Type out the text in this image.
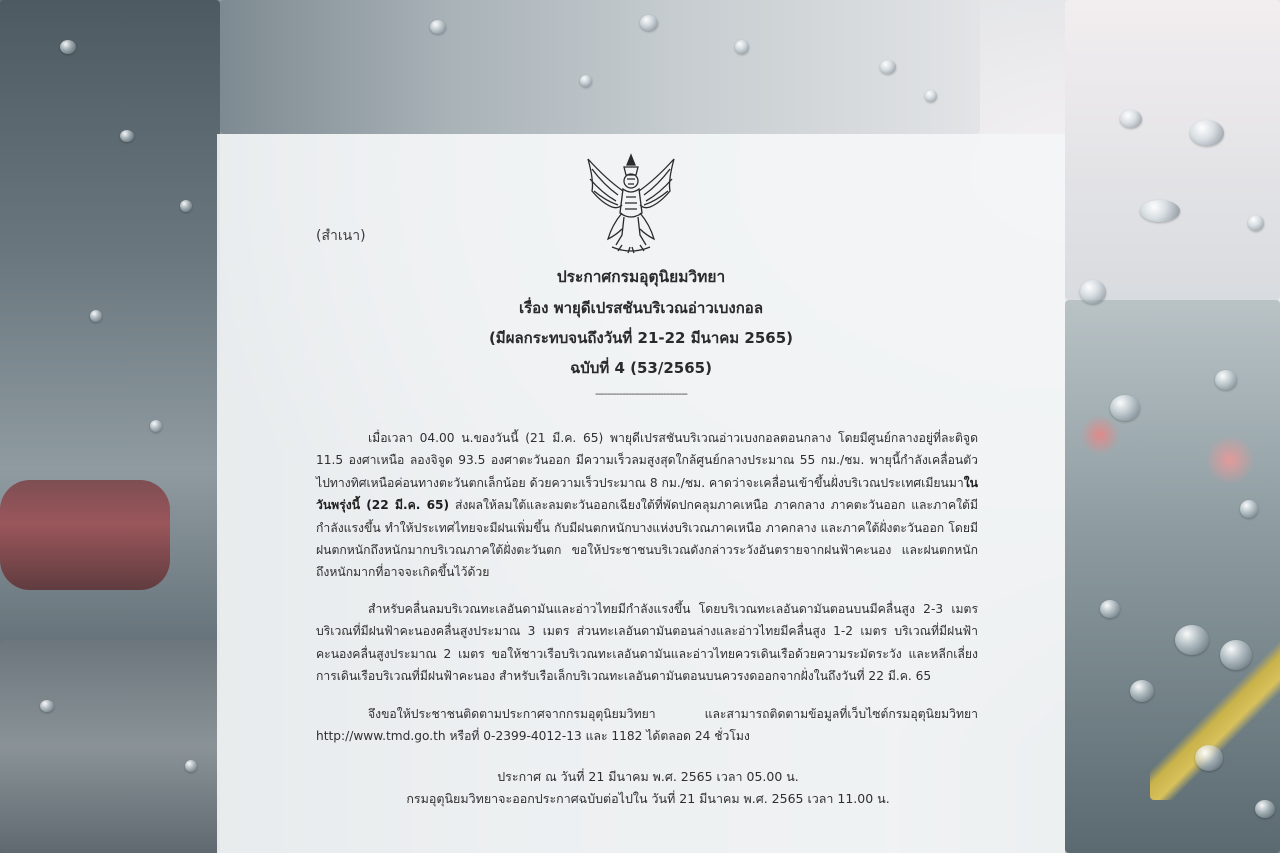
(สำเนา)
ประกาศกรมอุตุนิยมวิทยา
เรื่อง พายุดีเปรสชันบริเวณอ่าวเบงกอล
(มีผลกระทบจนถึงวันที่ 21-22 มีนาคม 2565)
ฉบับที่ 4 (53/2565)
-------------------------------
เมื่อเวลา 04.00 น.ของวันนี้ (21 มี.ค. 65) พายุดีเปรสชันบริเวณอ่าวเบงกอลตอนกลาง โดยมีศูนย์กลางอยู่ที่ละติจูด 11.5 องศาเหนือ ลองจิจูด 93.5 องศาตะวันออก มีความเร็วลมสูงสุดใกล้ศูนย์กลางประมาณ 55 กม./ชม. พายุนี้กำลังเคลื่อนตัวไปทางทิศเหนือค่อนทางตะวันตกเล็กน้อย ด้วยความเร็วประมาณ 8 กม./ชม. คาดว่าจะเคลื่อนเข้าขึ้นฝั่งบริเวณประเทศเมียนมาในวันพรุ่งนี้ (22 มี.ค. 65) ส่งผลให้ลมใต้และลมตะวันออกเฉียงใต้ที่พัดปกคลุมภาคเหนือ ภาคกลาง ภาคตะวันออก และภาคใต้มีกำลังแรงขึ้น ทำให้ประเทศไทยจะมีฝนเพิ่มขึ้น กับมีฝนตกหนักบางแห่งบริเวณภาคเหนือ ภาคกลาง และภาคใต้ฝั่งตะวันออก โดยมีฝนตกหนักถึงหนักมากบริเวณภาคใต้ฝั่งตะวันตก ขอให้ประชาชนบริเวณดังกล่าวระวังอันตรายจากฝนฟ้าคะนอง และฝนตกหนักถึงหนักมากที่อาจจะเกิดขึ้นไว้ด้วย
สำหรับคลื่นลมบริเวณทะเลอันดามันและอ่าวไทยมีกำลังแรงขึ้น โดยบริเวณทะเลอันดามันตอนบนมีคลื่นสูง 2-3 เมตร บริเวณที่มีฝนฟ้าคะนองคลื่นสูงประมาณ 3 เมตร ส่วนทะเลอันดามันตอนล่างและอ่าวไทยมีคลื่นสูง 1-2 เมตร บริเวณที่มีฝนฟ้าคะนองคลื่นสูงประมาณ 2 เมตร ขอให้ชาวเรือบริเวณทะเลอันดามันและอ่าวไทยควรเดินเรือด้วยความระมัดระวัง และหลีกเลี่ยงการเดินเรือบริเวณที่มีฝนฟ้าคะนอง สำหรับเรือเล็กบริเวณทะเลอันดามันตอนบนควรงดออกจากฝั่งในถึงวันที่ 22 มี.ค. 65
จึงขอให้ประชาชนติดตามประกาศจากกรมอุตุนิยมวิทยา และสามารถติดตามข้อมูลที่เว็บไซต์กรมอุตุนิยมวิทยา http://www.tmd.go.th หรือที่ 0-2399-4012-13 และ 1182 ได้ตลอด 24 ชั่วโมง
ประกาศ ณ วันที่ 21 มีนาคม พ.ศ. 2565 เวลา 05.00 น.
กรมอุตุนิยมวิทยาจะออกประกาศฉบับต่อไปใน วันที่ 21 มีนาคม พ.ศ. 2565 เวลา 11.00 น.
